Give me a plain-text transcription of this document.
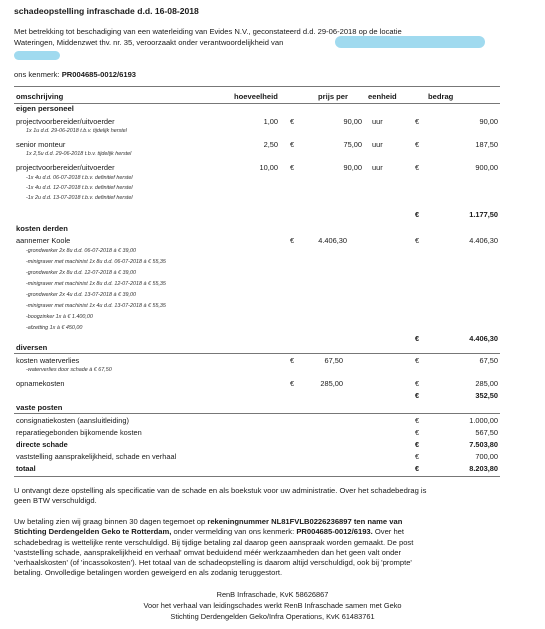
schadeopstelling infraschade d.d. 16-08-2018
Met betrekking tot beschadiging van een waterleiding van Evides N.V., geconstateerd d.d. 29-06-2018 op de locatie
Wateringen, Middenzwet thv. nr. 35, veroorzaakt onder verantwoordelijkheid van
ons kenmerk: PR004685-0012/6193
omschrijving	hoeveelheid	prijs per	eenheid	bedrag
eigen personeel
projectvoorbereider/uitvoerder	1,00 €	90,00 uur	€	90,00
1x 1u d.d. 29-06-2018 t.b.v. tijdelijk herstel
senior monteur	2,50 €	75,00 uur	€	187,50
1x 2,5u d.d. 29-06-2018 t.b.v. tijdelijk herstel
projectvoorbereider/uitvoerder	10,00 €	90,00 uur	€	900,00
-1x 4u d.d. 06-07-2018 t.b.v. definitief herstel
-1x 4u d.d. 12-07-2018 t.b.v. definitief herstel
-1x 2u d.d. 13-07-2018 t.b.v. definitief herstel
€	1.177,50
kosten derden
aannemer Koole	€	4.406,30	€	4.406,30
-grondwerker 2x 8u d.d. 06-07-2018 à € 39,00
-minigraver met machinist 1x 8u d.d. 06-07-2018 à € 55,35
-grondwerker 2x 8u d.d. 12-07-2018 à € 39,00
-minigraver met machinist 1x 8u d.d. 12-07-2018 à € 55,35
-grondwerker 2x 4u d.d. 13-07-2018 à € 39,00
-minigraver met machinist 1x 4u d.d. 13-07-2018 à € 55,35
-boogzinker 1x à € 1.400,00
-afzetting 1x à € 450,00
€	4.406,30
diversen
kosten waterverlies	€	67,50	€	67,50
-waterverlies door schade à € 67,50
opnamekosten	€	285,00	€	285,00
€	352,50
vaste posten
consignatiekosten (aansluitleiding)	€	1.000,00
reparatiegebonden bijkomende kosten	€	567,50
directe schade	€	7.503,80
vaststelling aansprakelijkheid, schade en verhaal	€	700,00
totaal	€	8.203,80
U ontvangt deze opstelling als specificatie van de schade en als boekstuk voor uw administratie. Over het schadebedrag is
geen BTW verschuldigd.
Uw betaling zien wij graag binnen 30 dagen tegemoet op rekeningnummer NL81FVLB0226236897 ten name van
Stichting Derdengelden Geko te Rotterdam, onder vermelding van ons kenmerk: PR004685-0012/6193. Over het
schadebedrag is wettelijke rente verschuldigd. Bij tijdige betaling zal daarop geen aanspraak worden gemaakt. De post
'vaststelling schade, aansprakelijkheid en verhaal' omvat beduidend méér werkzaamheden dan het geen valt onder
'verhaalskosten' (of 'incassokosten'). Het totaal van de schadeopstelling is daarom altijd verschuldigd, ook bij 'prompte'
betaling. Onvolledige betalingen worden geweigerd en als zodanig teruggestort.
RenB Infraschade, KvK 58626867
Voor het verhaal van leidingschades werkt RenB Infraschade samen met Geko
Stichting Derdengelden Geko/Infra Operations, KvK 61483761
